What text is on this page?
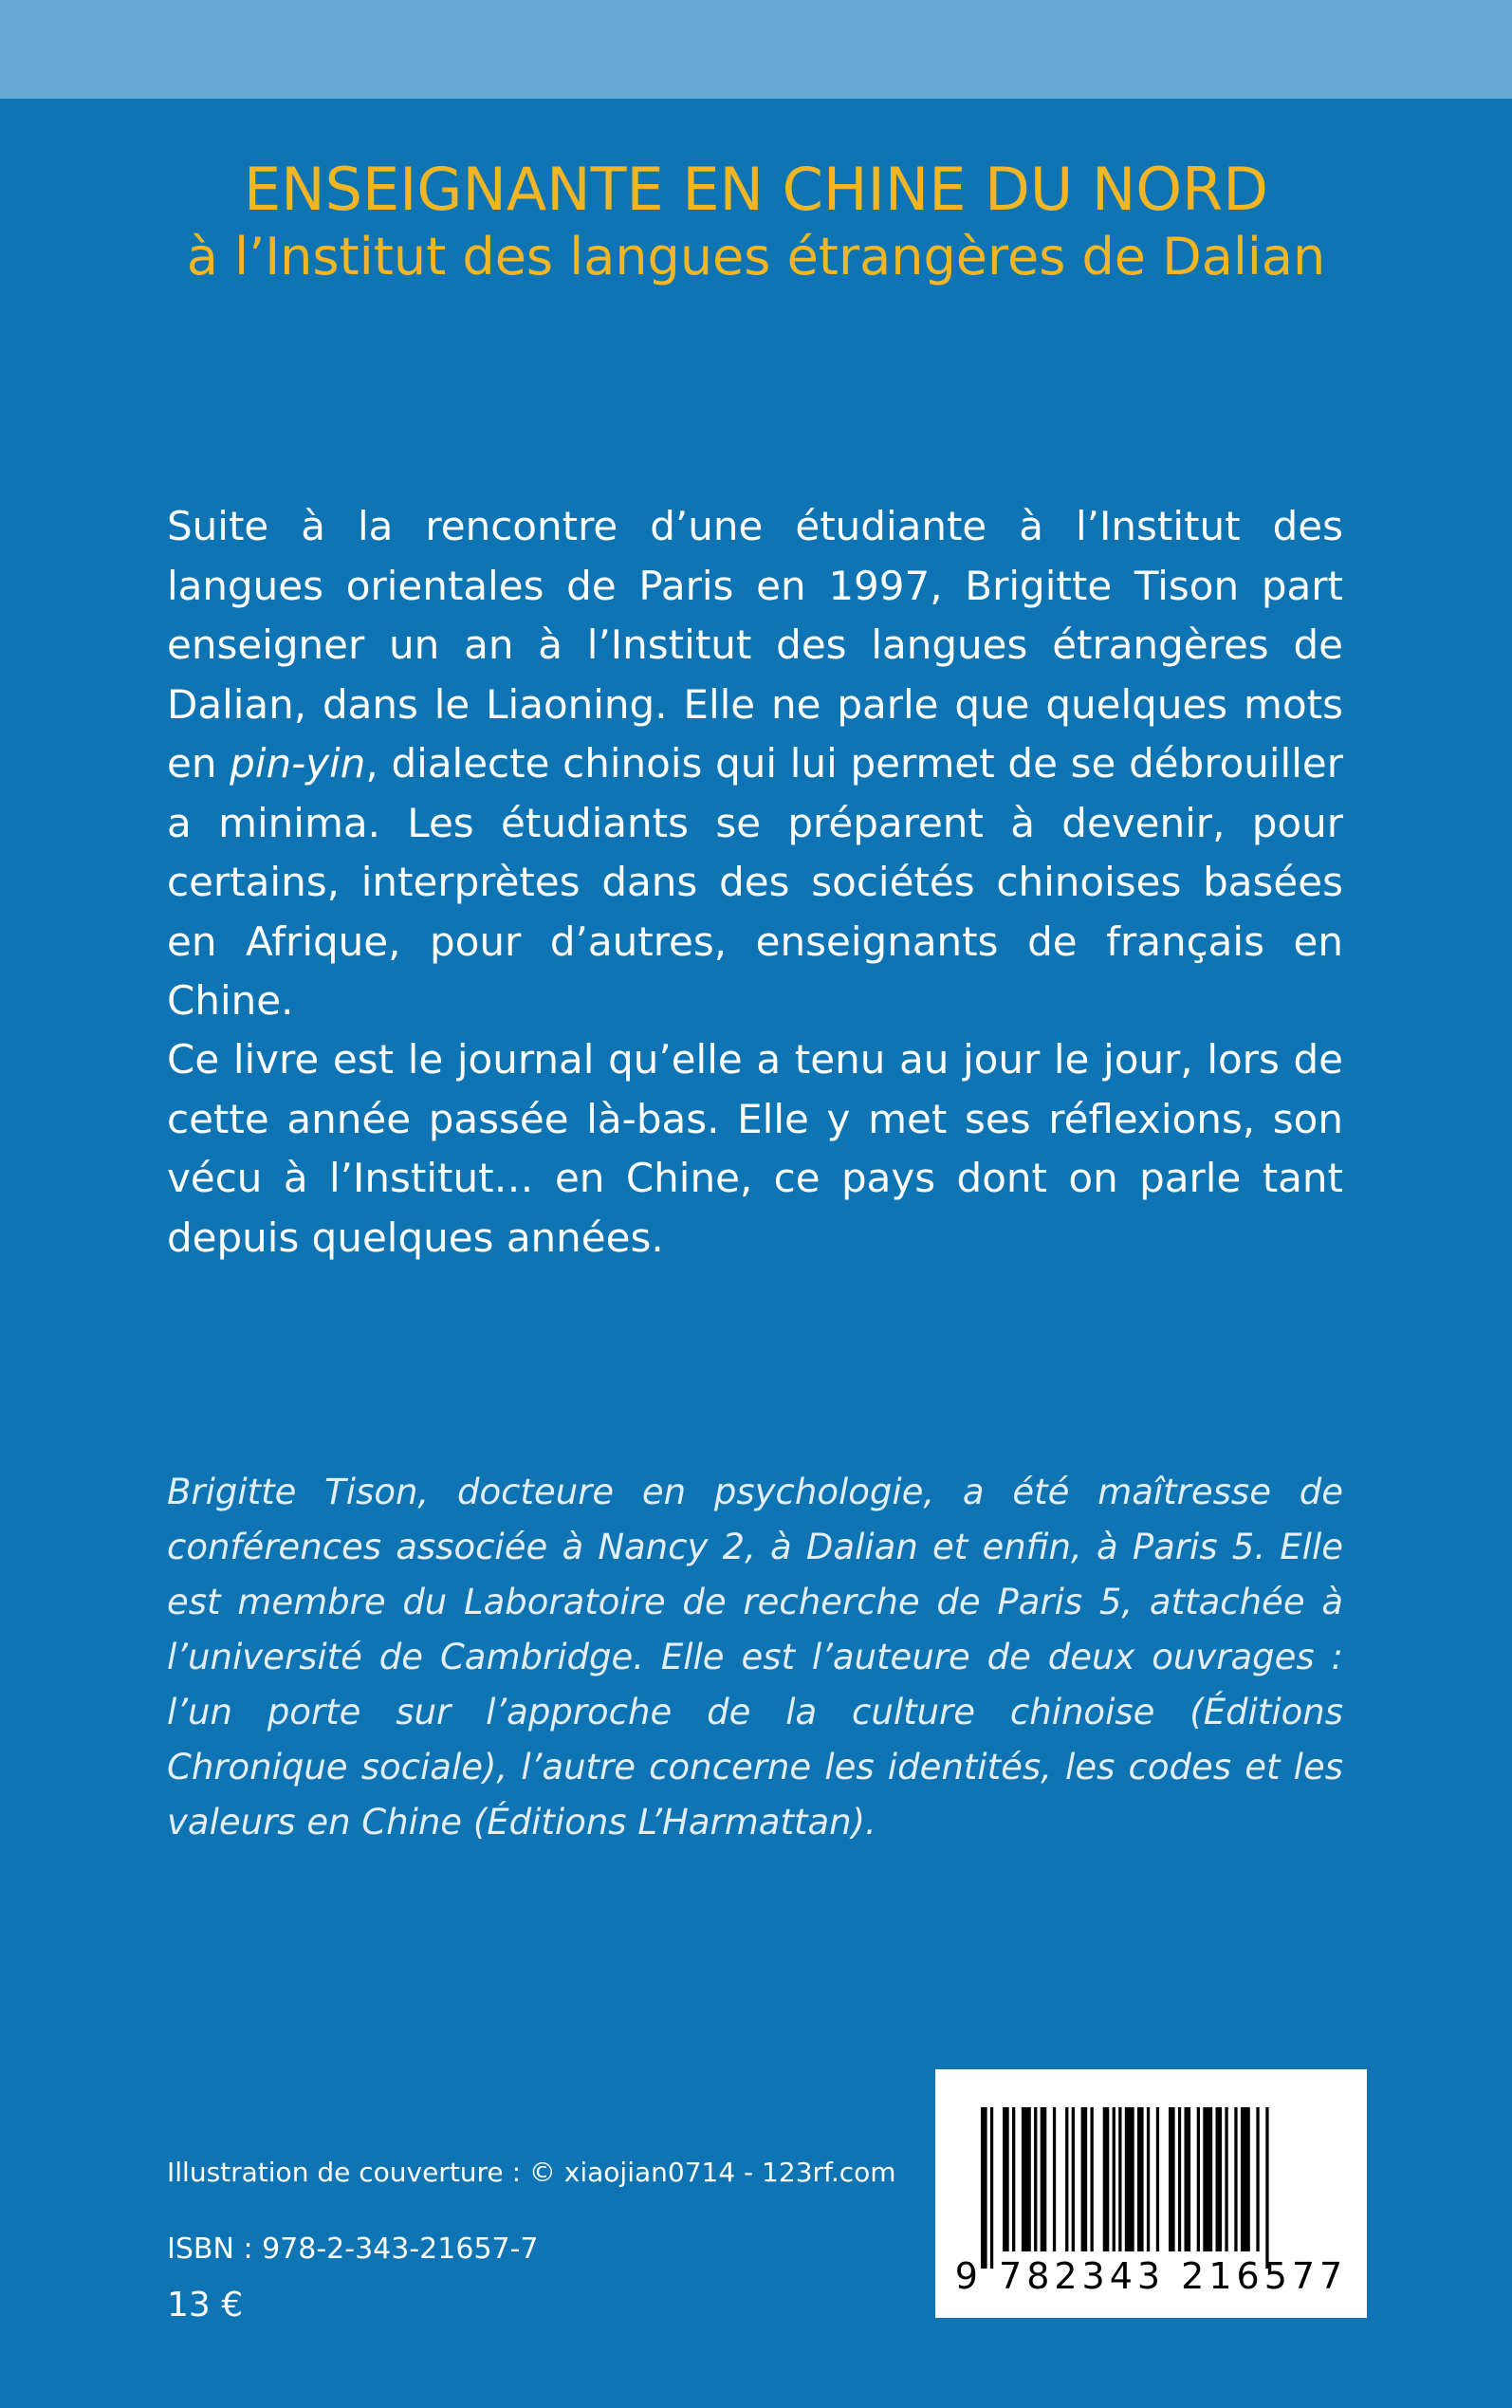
ENSEIGNANTE EN CHINE DU NORD
à l’Institut des langues étrangères de Dalian
Suite à la rencontre d’une étudiante à l’Institut des langues orientales de Paris en 1997, Brigitte Tison part enseigner un an à l’Institut des langues étrangères de Dalian, dans le Liaoning. Elle ne parle que quelques mots en pin-yin, dialecte chinois qui lui permet de se débrouiller a minima. Les étudiants se préparent à devenir, pour certains, interprètes dans des sociétés chinoises basées en Afrique, pour d’autres, enseignants de français en Chine.
Ce livre est le journal qu’elle a tenu au jour le jour, lors de cette année passée là-bas. Elle y met ses réflexions, son vécu à l’Institut… en Chine, ce pays dont on parle tant depuis quelques années.
Brigitte Tison, docteure en psychologie, a été maîtresse de conférences associée à Nancy 2, à Dalian et enfin, à Paris 5. Elle est membre du Laboratoire de recherche de Paris 5, attachée à l’université de Cambridge. Elle est l’auteure de deux ouvrages : l’un porte sur l’approche de la culture chinoise (Éditions Chronique sociale), l’autre concerne les identités, les codes et les valeurs en Chine (Éditions L’Harmattan).
Illustration de couverture : © xiaojian0714 - 123rf.com
ISBN : 978-2-343-21657-7
13 €
9 782343 216577
